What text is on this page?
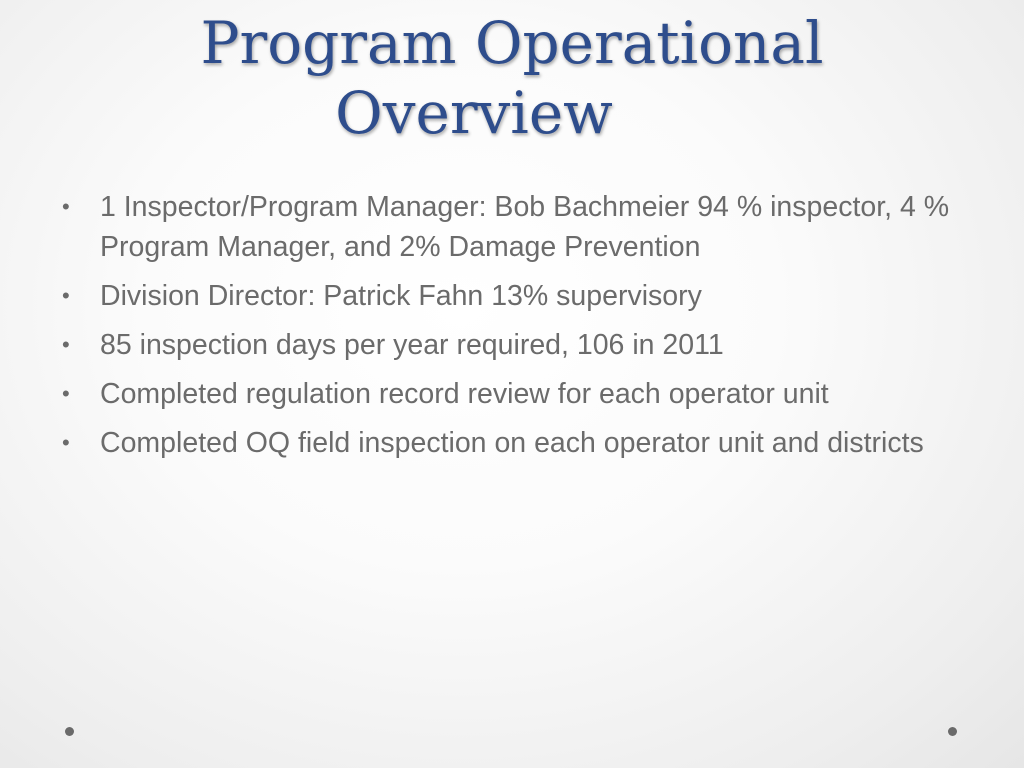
Program Operational
Overview
• 1 Inspector/Program Manager: Bob Bachmeier 94 % inspector, 4 % Program Manager, and 2% Damage Prevention
• Division Director: Patrick Fahn 13% supervisory
• 85 inspection days per year required, 106 in 2011
• Completed regulation record review for each operator unit
• Completed OQ field inspection on each operator unit and districts
